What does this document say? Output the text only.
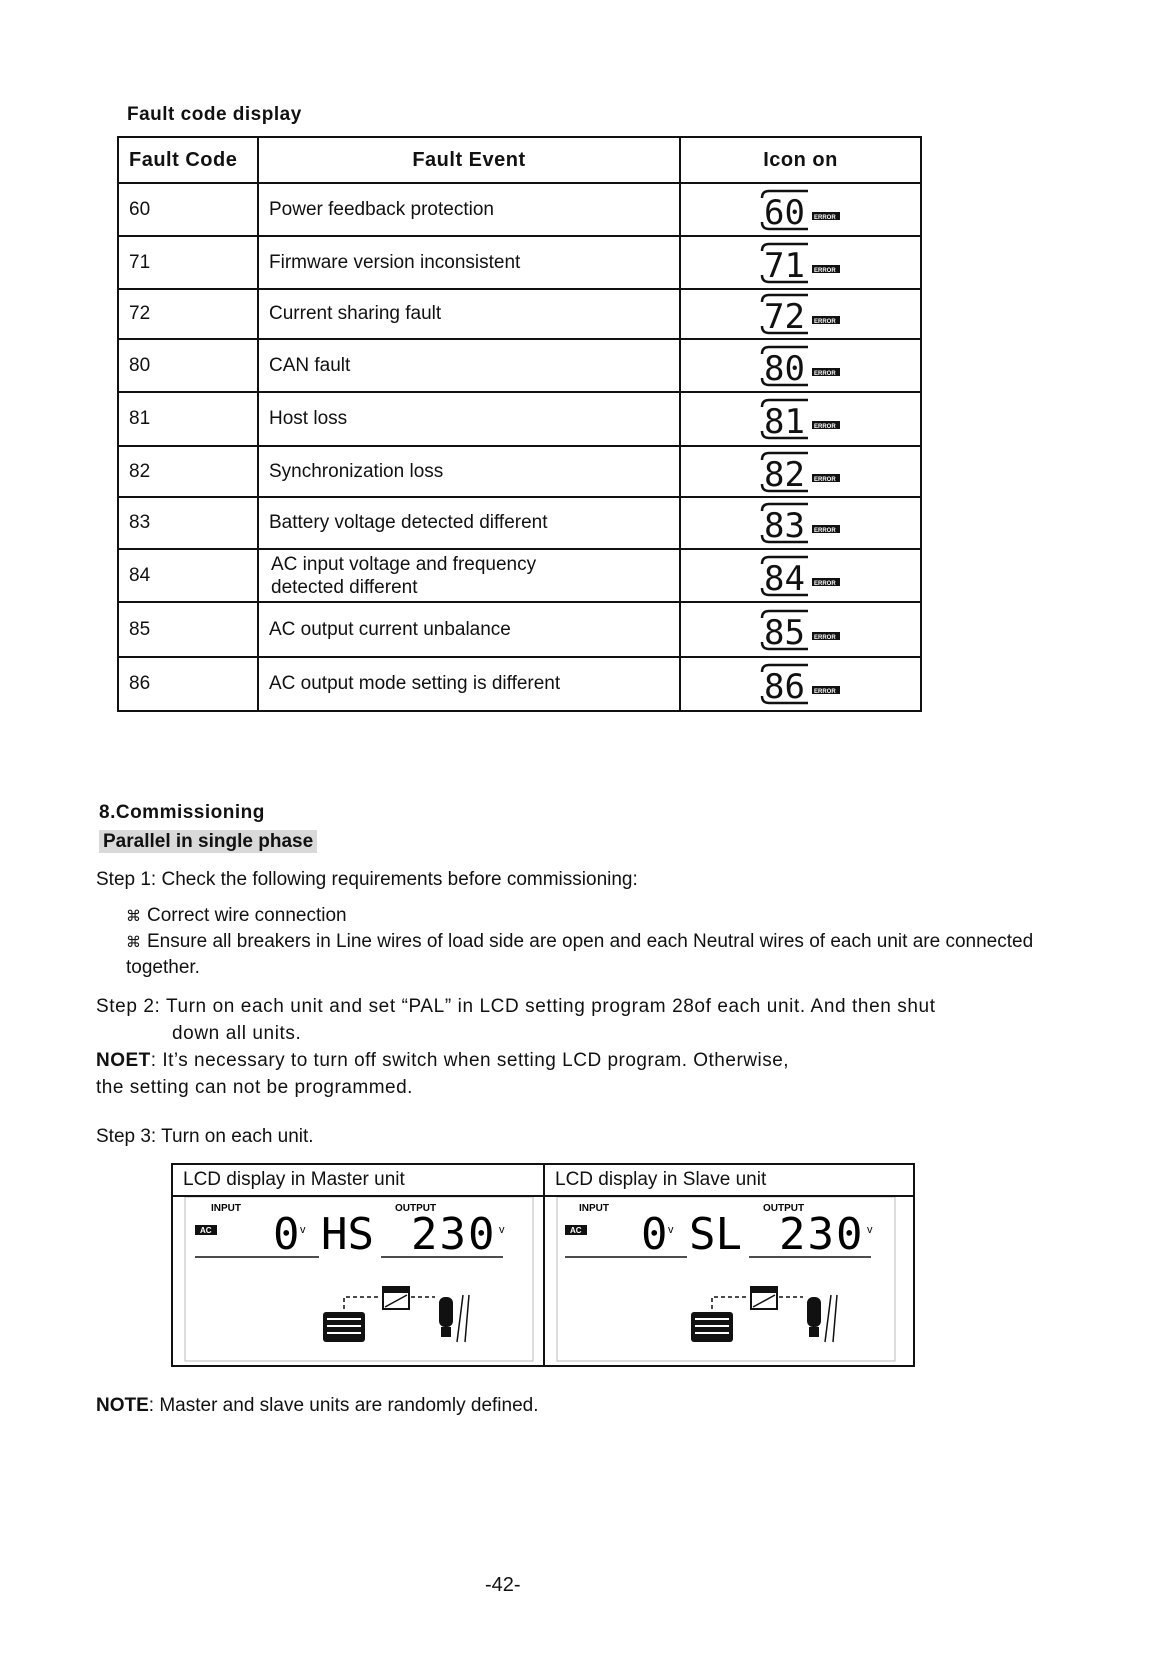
Fault code display
Fault Code	Fault Event	Icon on
60	Power feedback protection	60 ERROR

71	Firmware version inconsistent	71 ERROR

72	Current sharing fault	72 ERROR

80	CAN fault	80 ERROR

81	Host loss	81 ERROR

82	Synchronization loss	82 ERROR

83	Battery voltage detected different	83 ERROR

84	AC input voltage and frequency detected different	84 ERROR

85	AC output current unbalance	85 ERROR

86	AC output mode setting is different	86 ERROR
8.Commissioning
Parallel in single phase
Step 1: Check the following requirements before commissioning:
⌘ Correct wire connection
⌘ Ensure all breakers in Line wires of load side are open and each Neutral wires of each unit are connected together.
Step 2: Turn on each unit and set “PAL” in LCD setting program 28of each unit. And then shut
down all units.
NOET: It’s necessary to turn off switch when setting LCD program. Otherwise,
the setting can not be programmed.
Step 3: Turn on each unit.
LCD display in Master unit
INPUT	OUTPUT
AC 0 v HS 230 v
LCD display in Slave unit
INPUT	OUTPUT
AC 0 v SL 230 v
NOTE: Master and slave units are randomly defined.
-42-
